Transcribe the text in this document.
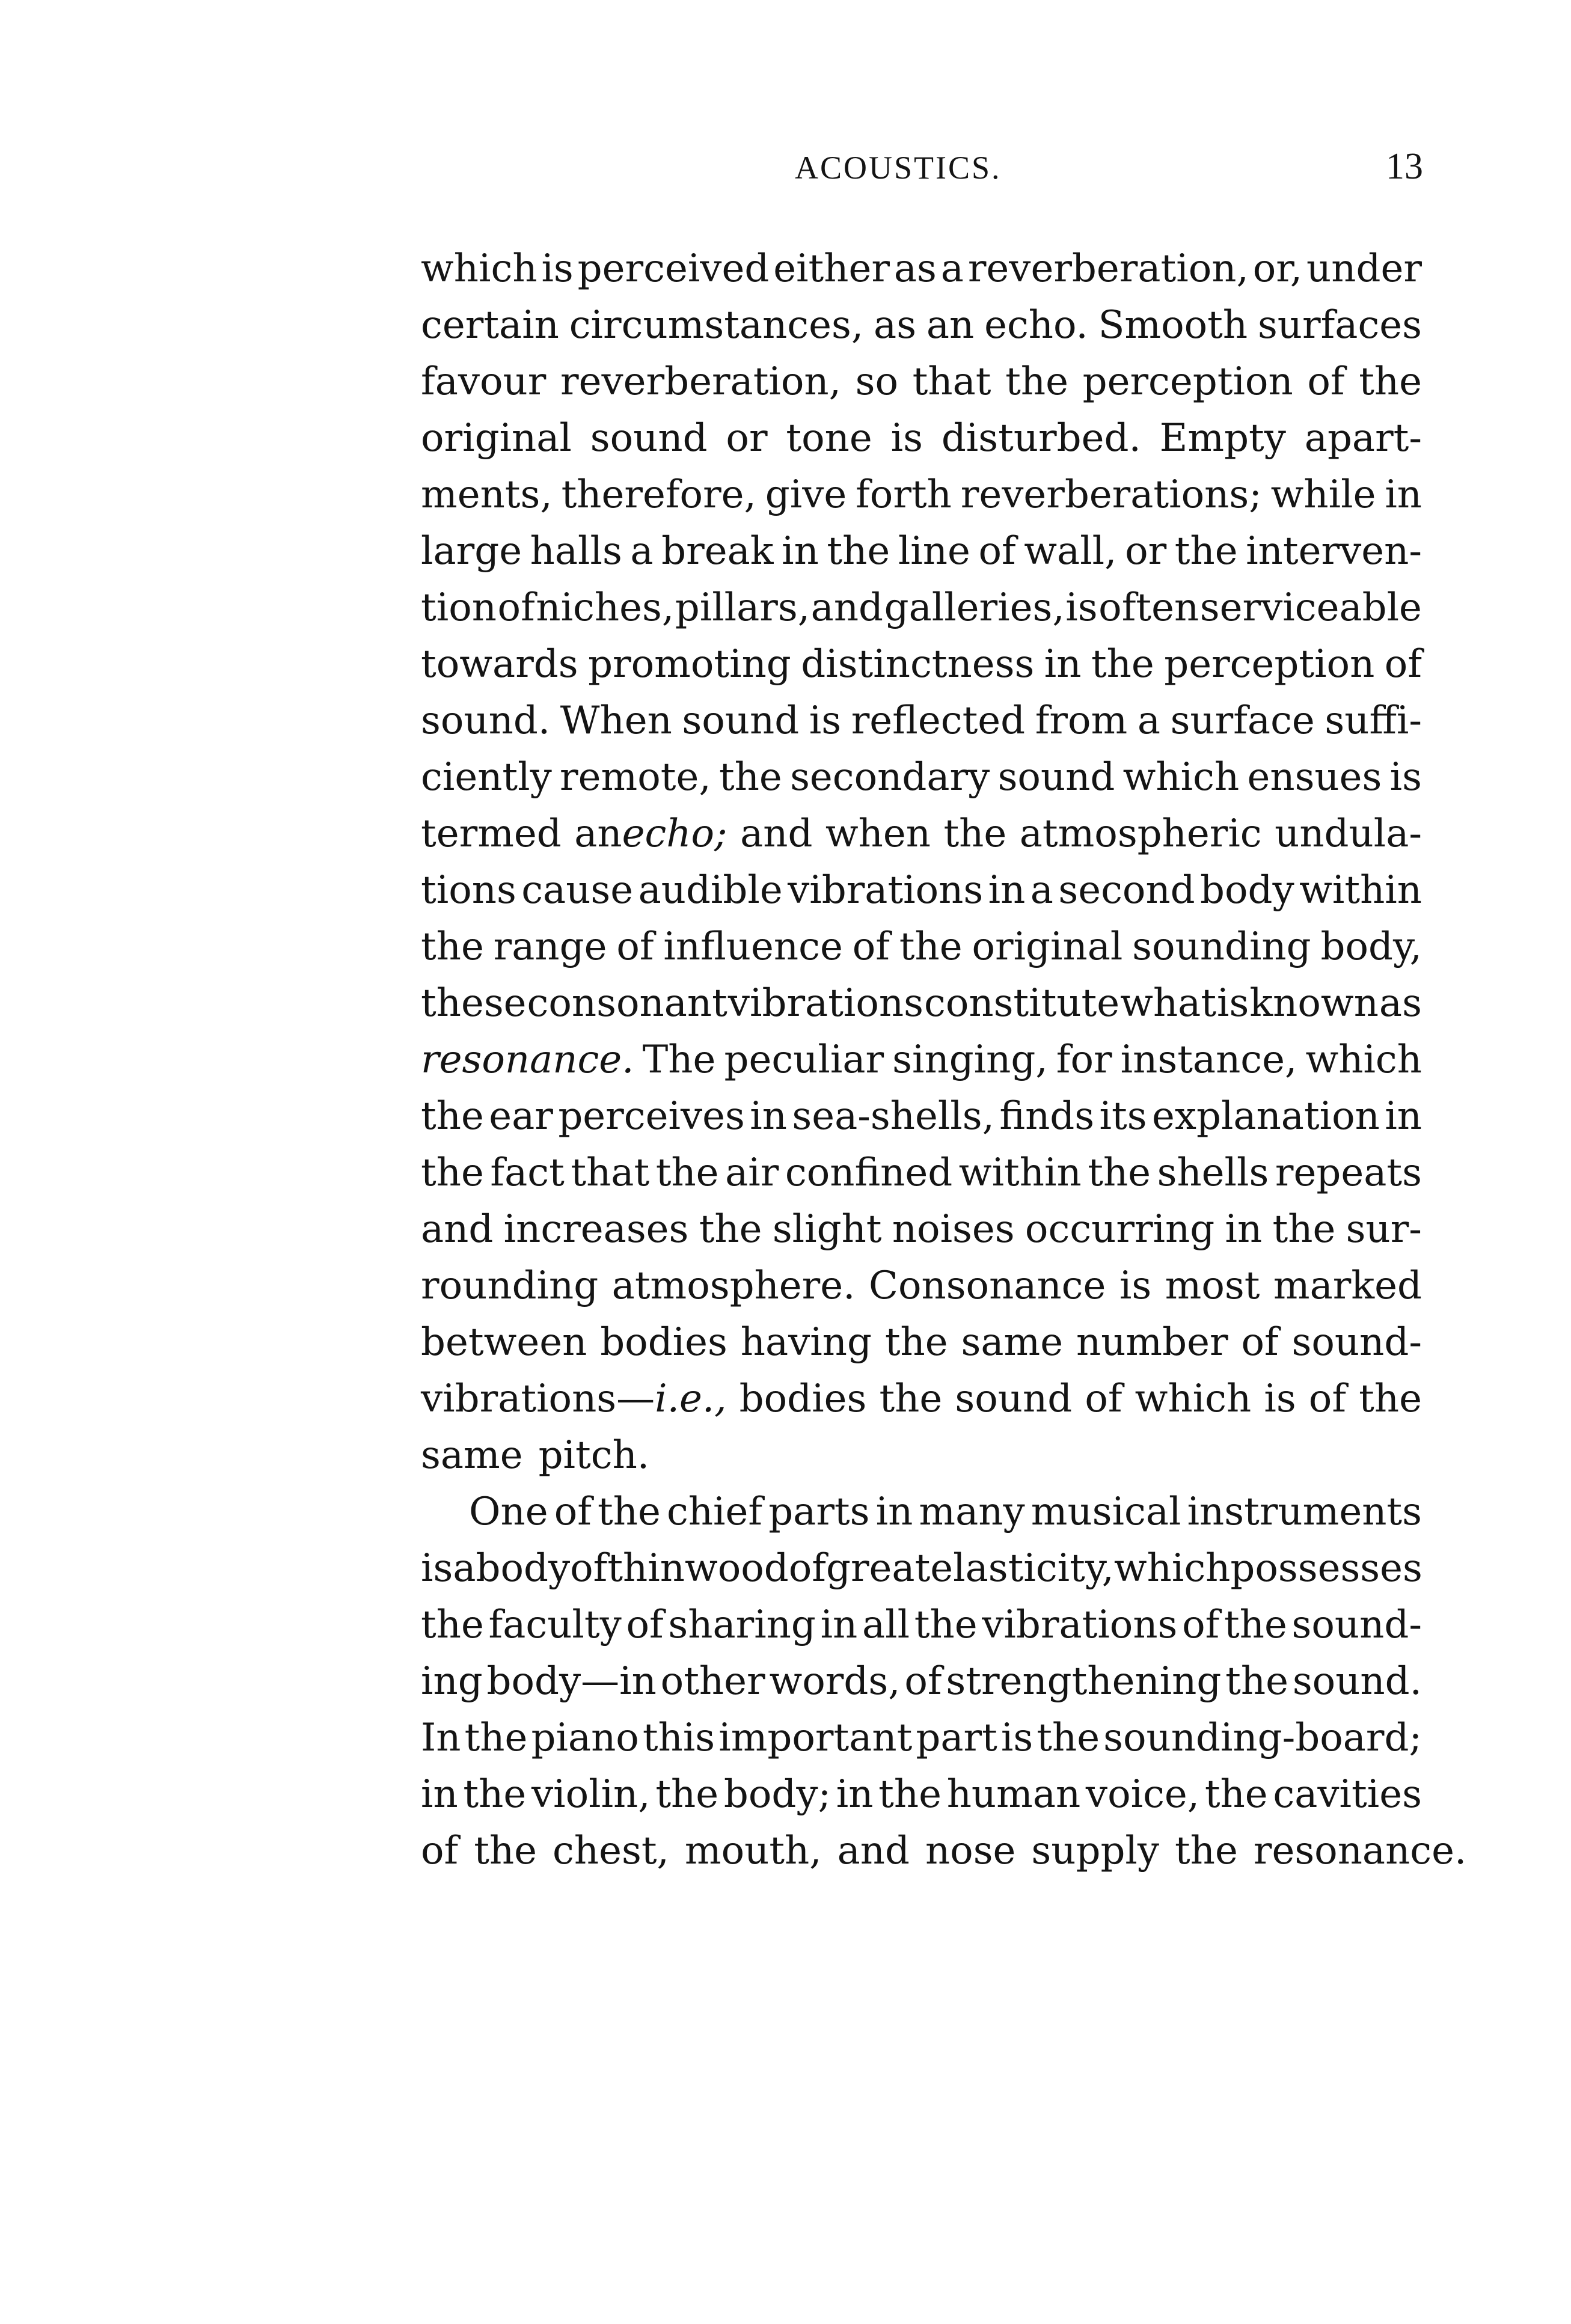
ACOUSTICS.	13
which is perceived either as a reverberation, or, under
certain circumstances, as an echo. Smooth surfaces
favour reverberation, so that the perception of the
original sound or tone is disturbed. Empty apart-
ments, therefore, give forth reverberations; while in
large halls a break in the line of wall, or the interven-
tion of niches, pillars, and galleries, is often serviceable
towards promoting distinctness in the perception of
sound. When sound is reflected from a surface suffi-
ciently remote, the secondary sound which ensues is
termed anecho; and when the atmospheric undula-
tions cause audible vibrations in a second body within
the range of influence of the original sounding body,
these consonant vibrations constitute what is known as
resonance. The peculiar singing, for instance, which
the ear perceives in sea-shells, finds its explanation in
the fact that the air confined within the shells repeats
and increases the slight noises occurring in the sur-
rounding atmosphere. Consonance is most marked
between bodies having the same number of sound-
vibrations—i.e., bodies the sound of which is of the
same pitch.
One of the chief parts in many musical instruments
is a body of thin wood of great elasticity, which possesses
the faculty of sharing in all the vibrations of the sound-
ing body—in other words, of strengthening the sound.
In the piano this important part is the sounding-board;
in the violin, the body; in the human voice, the cavities
of the chest, mouth, and nose supply the resonance.
